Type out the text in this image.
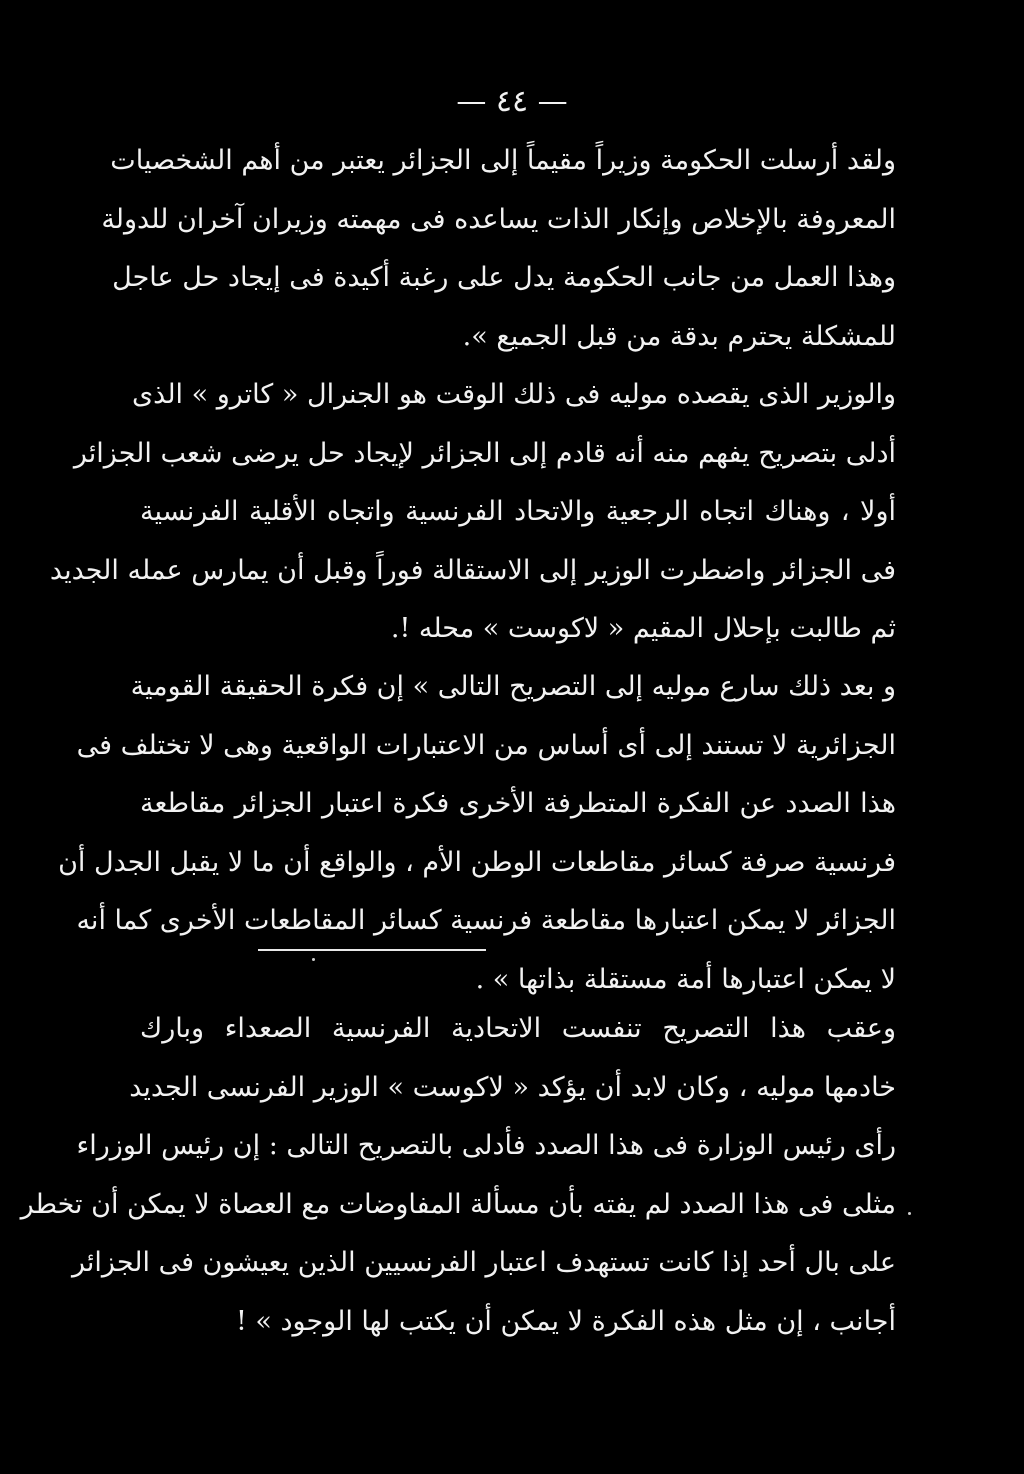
— ٤٤ —
ولقد أرسلت الحكومة وزيراً مقيماً إلى الجزائر يعتبر من أهم الشخصيات
المعروفة بالإخلاص وإنكار الذات يساعده فى مهمته وزيران آخران للدولة
وهذا العمل من جانب الحكومة يدل على رغبة أكيدة فى إيجاد حل عاجل
للمشكلة يحترم بدقة من قبل الجميع ».
والوزير الذى يقصده موليه فى ذلك الوقت هو الجنرال « كاترو » الذى
أدلى بتصريح يفهم منه أنه قادم إلى الجزائر لإيجاد حل يرضى شعب الجزائر
أولا ، وهناك اتجاه الرجعية والاتحاد الفرنسية واتجاه الأقلية الفرنسية
فى الجزائر واضطرت الوزير إلى الاستقالة فوراً وقبل أن يمارس عمله الجديد
ثم طالبت بإحلال المقيم « لاكوست » محله !.
و بعد ذلك سارع موليه إلى التصريح التالى » إن فكرة الحقيقة القومية
الجزائرية لا تستند إلى أى أساس من الاعتبارات الواقعية وهى لا تختلف فى
هذا الصدد عن الفكرة المتطرفة الأخرى فكرة اعتبار الجزائر مقاطعة
فرنسية صرفة كسائر مقاطعات الوطن الأم ، والواقع أن ما لا يقبل الجدل أن
الجزائر لا يمكن اعتبارها مقاطعة فرنسية كسائر المقاطعات الأخرى كما أنه
لا يمكن اعتبارها أمة مستقلة بذاتها » .
وعقب هذا التصريح تنفست الاتحادية الفرنسية الصعداء وبارك
خادمها موليه ، وكان لابد أن يؤكد « لاكوست » الوزير الفرنسى الجديد
رأى رئيس الوزارة فى هذا الصدد فأدلى بالتصريح التالى : إن رئيس الوزراء
مثلى فى هذا الصدد لم يفته بأن مسألة المفاوضات مع العصاة لا يمكن أن تخطر
على بال أحد إذا كانت تستهدف اعتبار الفرنسيين الذين يعيشون فى الجزائر
أجانب ، إن مثل هذه الفكرة لا يمكن أن يكتب لها الوجود » !
